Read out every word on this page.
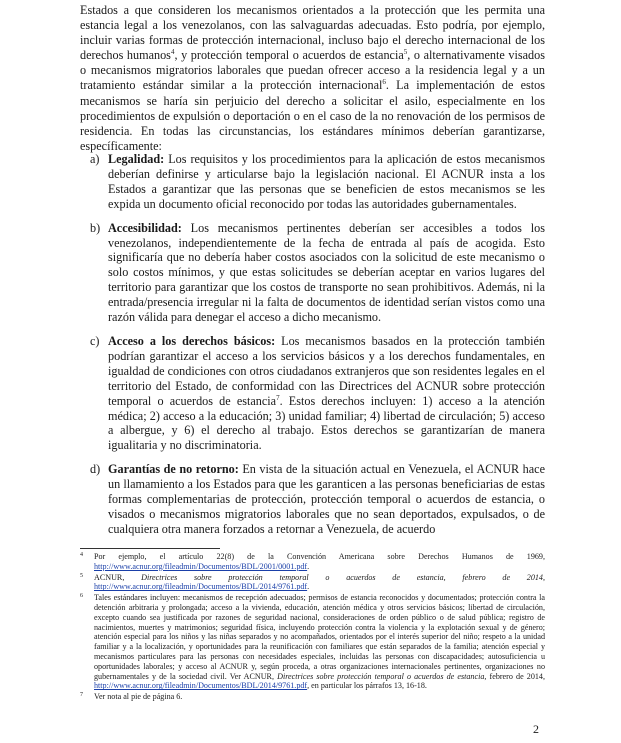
Estados a que consideren los mecanismos orientados a la protección que les permita una estancia legal a los venezolanos, con las salvaguardas adecuadas. Esto podría, por ejemplo, incluir varias formas de protección internacional, incluso bajo el derecho internacional de los derechos humanos$^4$, y protección temporal o acuerdos de estancia$^5$, o alternativamente visados o mecanismos migratorios laborales que puedan ofrecer acceso a la residencia legal y a un tratamiento estándar similar a la protección internacional$^6$. La implementación de estos mecanismos se haría sin perjuicio del derecho a solicitar el asilo, especialmente en los procedimientos de expulsión o deportación o en el caso de la no renovación de los permisos de residencia. En todas las circunstancias, los estándares mínimos deberían garantizarse, específicamente:

a) Legalidad: Los requisitos y los procedimientos para la aplicación de estos mecanismos deberían definirse y articularse bajo la legislación nacional. El ACNUR insta a los Estados a garantizar que las personas que se beneficien de estos mecanismos se les expida un documento oficial reconocido por todas las autoridades gubernamentales.
b) Accesibilidad: Los mecanismos pertinentes deberían ser accesibles a todos los venezolanos, independientemente de la fecha de entrada al país de acogida. Esto significaría que no debería haber costos asociados con la solicitud de este mecanismo o solo costos mínimos, y que estas solicitudes se deberían aceptar en varios lugares del territorio para garantizar que los costos de transporte no sean prohibitivos. Además, ni la entrada/presencia irregular ni la falta de documentos de identidad serían vistos como una razón válida para denegar el acceso a dicho mecanismo.
c) Acceso a los derechos básicos: Los mecanismos basados en la protección también podrían garantizar el acceso a los servicios básicos y a los derechos fundamentales, en igualdad de condiciones con otros ciudadanos extranjeros que son residentes legales en el territorio del Estado, de conformidad con las Directrices del ACNUR sobre protección temporal o acuerdos de estancia$^7$. Estos derechos incluyen: 1) acceso a la atención médica; 2) acceso a la educación; 3) unidad familiar; 4) libertad de circulación; 5) acceso a albergue, y 6) el derecho al trabajo. Estos derechos se garantizarían de manera igualitaria y no discriminatoria.
d) Garantías de no retorno: En vista de la situación actual en Venezuela, el ACNUR hace un llamamiento a los Estados para que les garanticen a las personas beneficiarias de estas formas complementarias de protección, protección temporal o acuerdos de estancia, o visados o mecanismos migratorios laborales que no sean deportados, expulsados, o de cualquiera otra manera forzados a retornar a Venezuela, de acuerdo
4 Por ejemplo, el artículo 22(8) de la Convención Americana sobre Derechos Humanos de 1969, http://www.acnur.org/fileadmin/Documentos/BDL/2001/0001.pdf.
5 ACNUR, Directrices sobre protección temporal o acuerdos de estancia, febrero de 2014, http://www.acnur.org/fileadmin/Documentos/BDL/2014/9761.pdf.
6 Tales estándares incluyen: mecanismos de recepción adecuados; permisos de estancia reconocidos y documentados; protección contra la detención arbitraria y prolongada; acceso a la vivienda, educación, atención médica y otros servicios básicos; libertad de circulación, excepto cuando sea justificada por razones de seguridad nacional, consideraciones de orden público o de salud pública; registro de nacimientos, muertes y matrimonios; seguridad física, incluyendo protección contra la violencia y la explotación sexual y de género; atención especial para los niños y las niñas separados y no acompañados, orientados por el interés superior del niño; respeto a la unidad familiar y a la localización, y oportunidades para la reunificación con familiares que están separados de la familia; atención especial y mecanismos particulares para las personas con necesidades especiales, incluidas las personas con discapacidades; autosuficiencia u oportunidades laborales; y acceso al ACNUR y, según proceda, a otras organizaciones internacionales pertinentes, organizaciones no gubernamentales y de la sociedad civil. Ver ACNUR, Directrices sobre protección temporal o acuerdos de estancia, febrero de 2014, http://www.acnur.org/fileadmin/Documentos/BDL/2014/9761.pdf, en particular los párrafos 13, 16-18.
7 Ver nota al pie de página 6.
2
